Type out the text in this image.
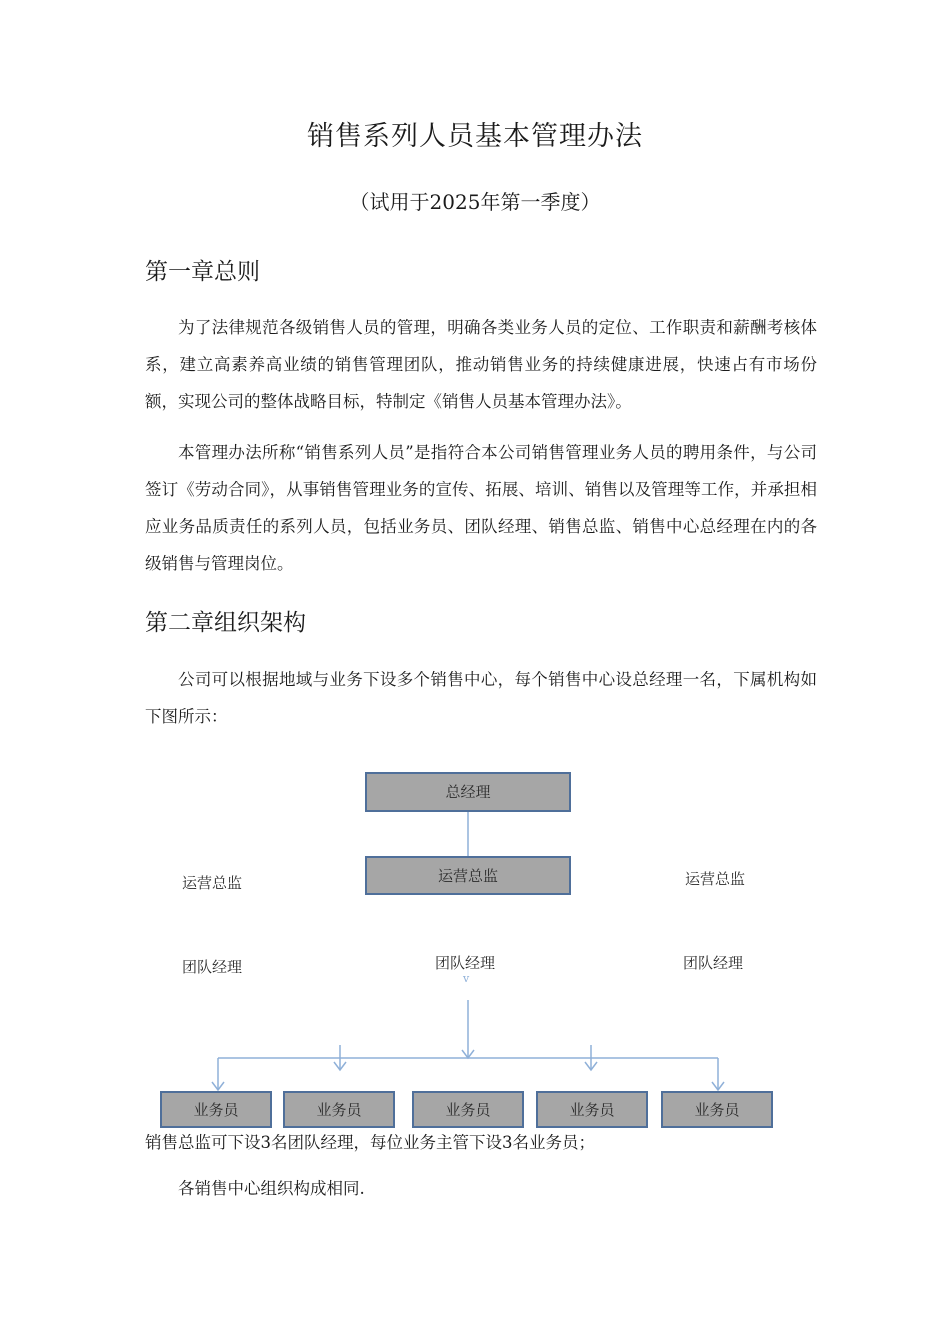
销售系列人员基本管理办法
（试用于2025年第一季度）
第一章总则
为了法律规范各级销售人员的管理，明确各类业务人员的定位、工作职责和薪酬考核体系，建立高素养高业绩的销售管理团队，推动销售业务的持续健康进展，快速占有市场份额，实现公司的整体战略目标，特制定《销售人员基本管理办法》。
本管理办法所称“销售系列人员”是指符合本公司销售管理业务人员的聘用条件，与公司签订《劳动合同》，从事销售管理业务的宣传、拓展、培训、销售以及管理等工作，并承担相应业务品质责任的系列人员，包括业务员、团队经理、销售总监、销售中心总经理在内的各级销售与管理岗位。
第二章组织架构
公司可以根据地域与业务下设多个销售中心，每个销售中心设总经理一名，下属机构如下图所示：
总经理
运营总监	运营总监	运营总监
团队经理	团队经理
v
团队经理
业务员	业务员	业务员	业务员	业务员
销售总监可下设3名团队经理，每位业务主管下设3名业务员；
各销售中心组织构成相同.
